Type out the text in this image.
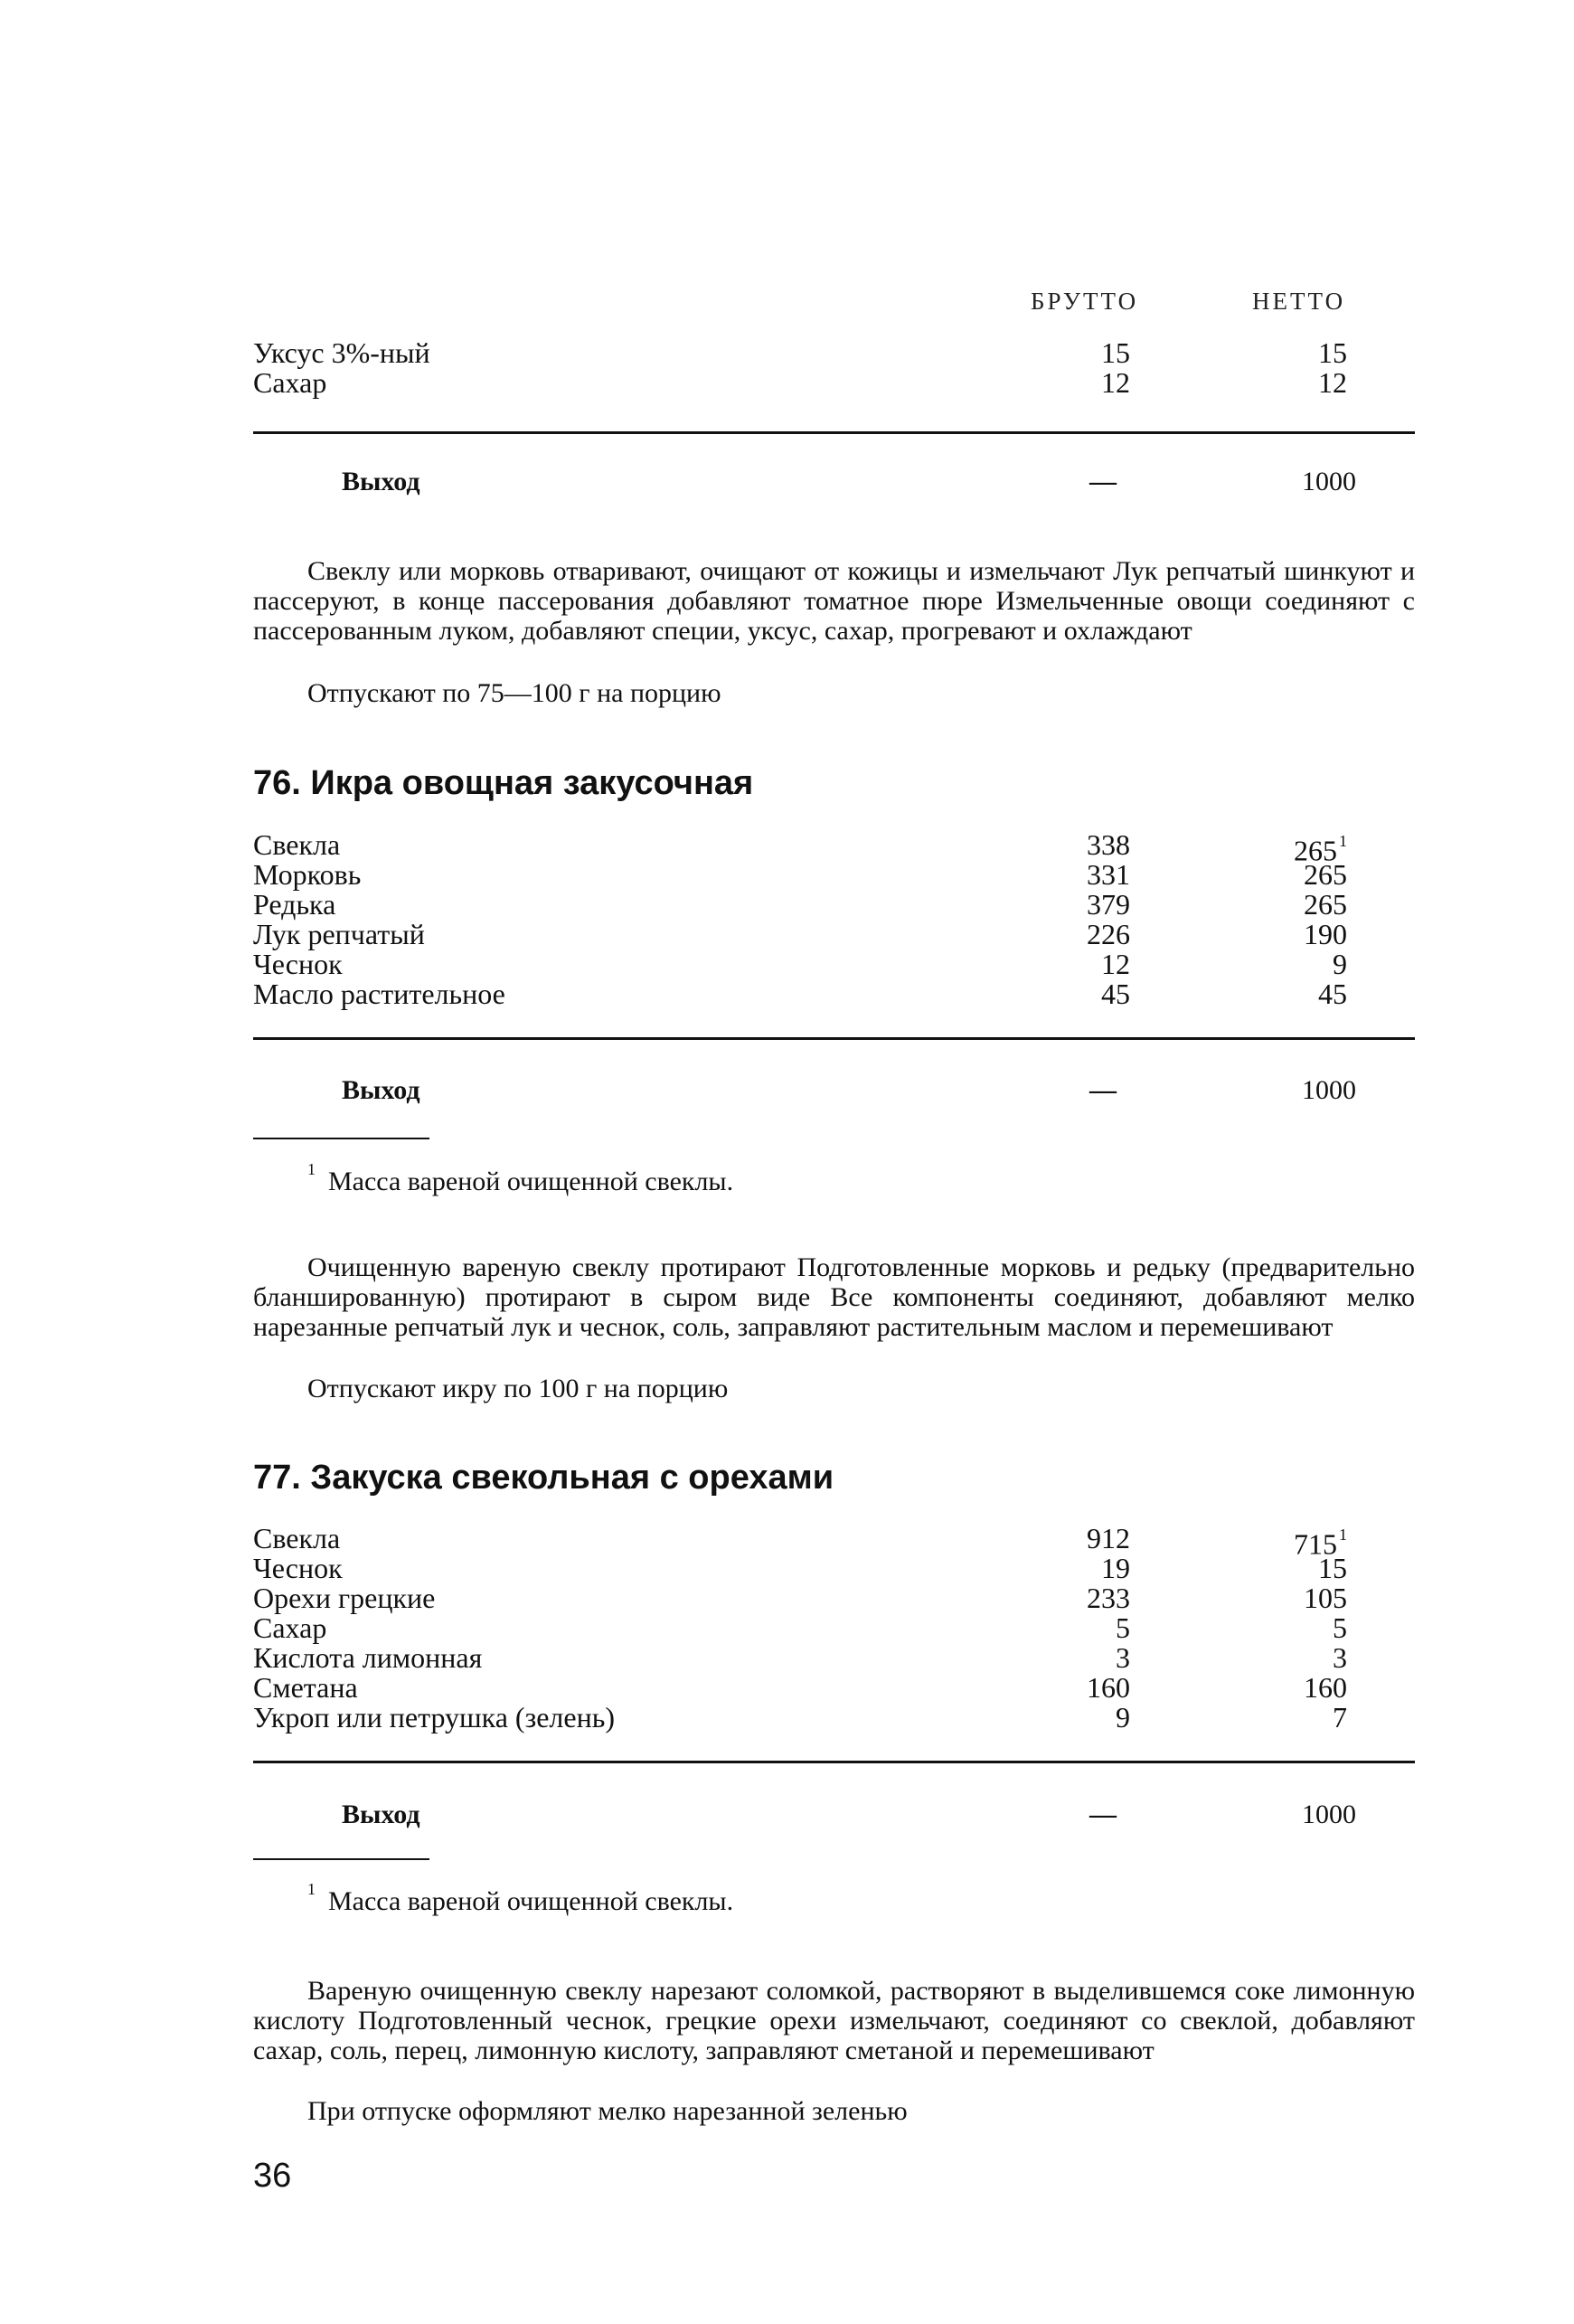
БРУТТО	НЕТТО
Уксус 3%-ный	15	15
Сахар	12	12
Выход	—	1000

Свеклу или морковь отваривают, очищают от кожицы и измельчают Лук репчатый шинкуют и пассеруют, в конце пассерования добавляют томатное пюре Измельченные овощи соединяют с пассерованным луком, добавляют специи, уксус, сахар, прогревают и охлаждают

Отпускают по 75—100 г на порцию
76. Икра овощная закусочная
Свекла	338	265 $^1$
Морковь	331	265
Редька	379	265
Лук репчатый	226	190
Чеснок	12	9
Масло растительное	45	45
Выход	—	1000
$^1$ Масса вареной очищенной свеклы.

Очищенную вареную свеклу протирают Подготовленные морковь и редьку (предварительно бланшированную) протирают в сыром виде Все компоненты соединяют, добавляют мелко нарезанные репчатый лук и чеснок, соль, заправляют растительным маслом и перемешивают

Отпускают икру по 100 г на порцию
77. Закуска свекольная с орехами
Свекла	912	715 $^1$
Чеснок	19	15
Орехи грецкие	233	105
Сахар	5	5
Кислота лимонная	3	3
Сметана	160	160
Укроп или петрушка (зелень)	9	7
Выход	—	1000
$^1$ Масса вареной очищенной свеклы.

Вареную очищенную свеклу нарезают соломкой, растворяют в выделившемся соке лимонную кислоту Подготовленный чеснок, грецкие орехи измельчают, соединяют со свеклой, добавляют сахар, соль, перец, лимонную кислоту, заправляют сметаной и перемешивают

При отпуске оформляют мелко нарезанной зеленью
36
